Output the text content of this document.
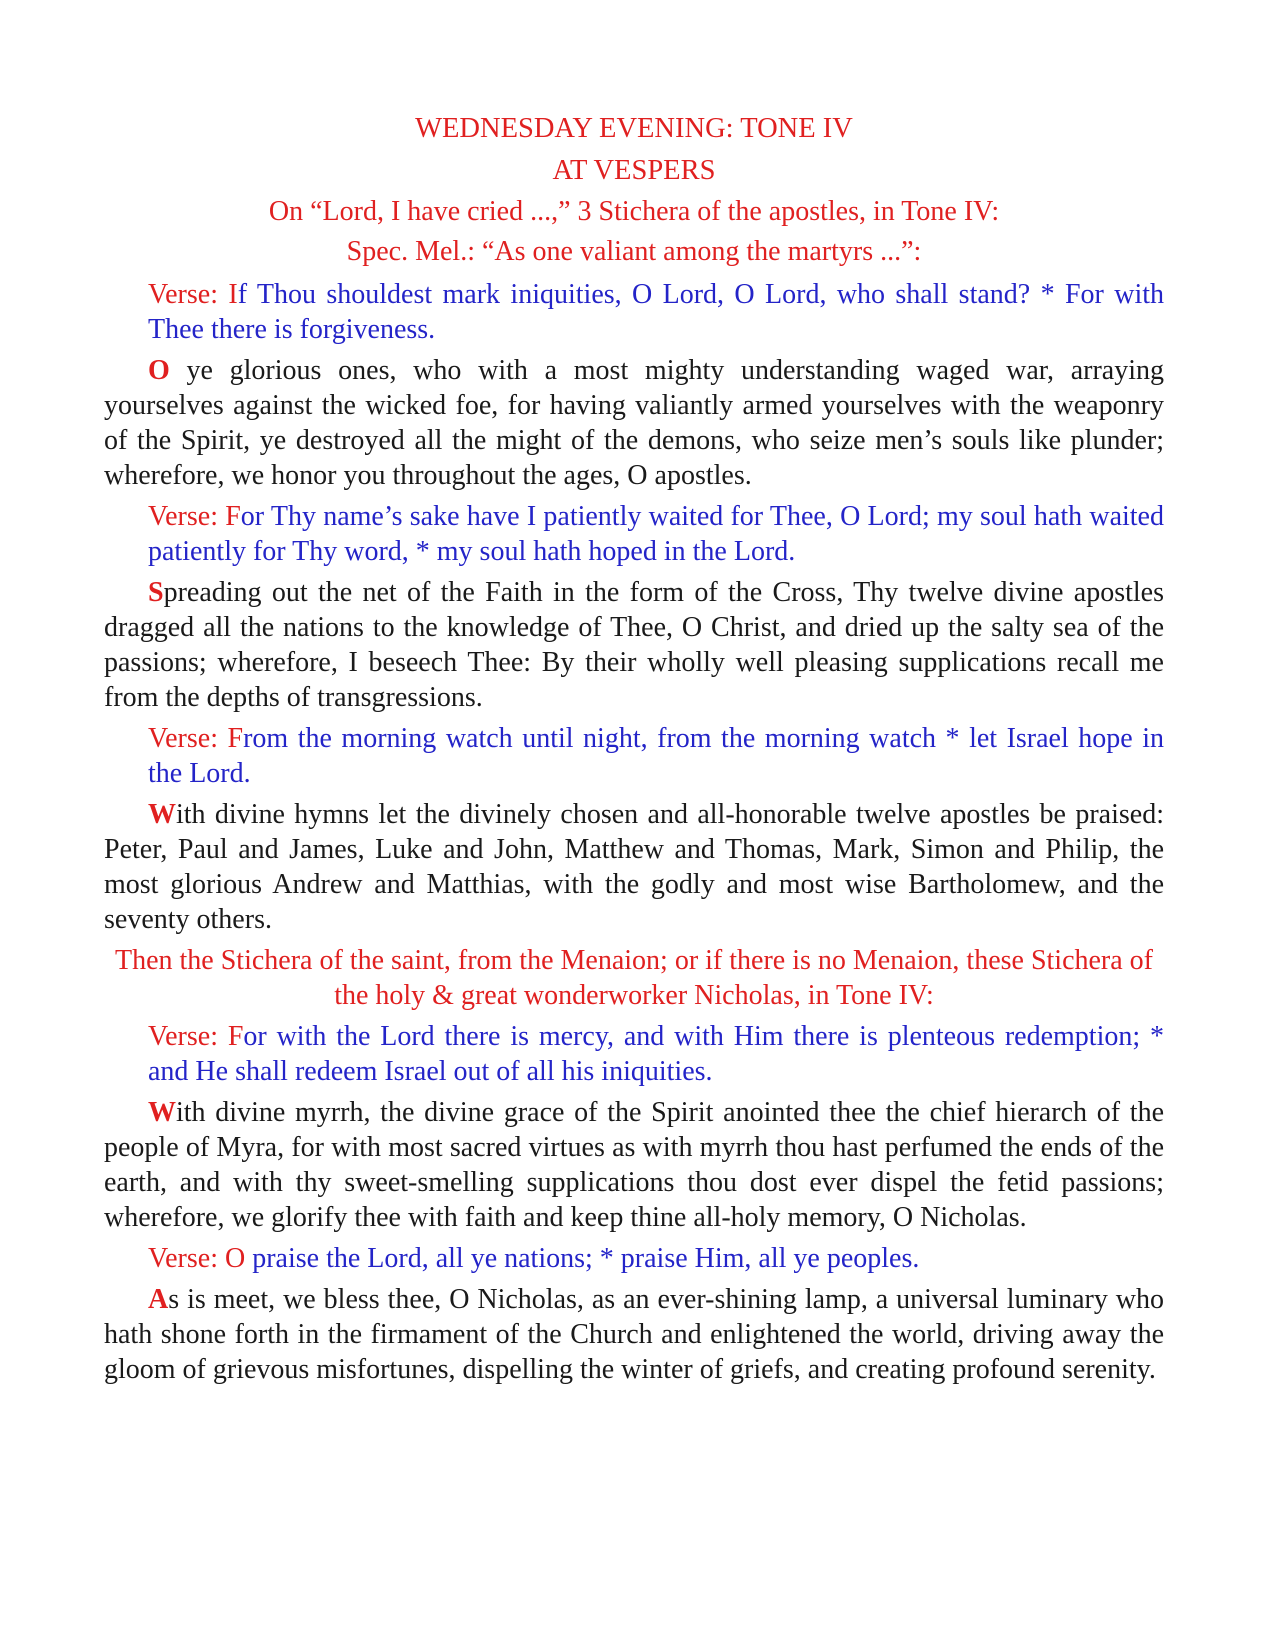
WEDNESDAY EVENING: TONE IV

AT VESPERS

On “Lord, I have cried ...,” 3 Stichera of the apostles, in Tone IV:

Spec. Mel.: “As one valiant among the martyrs ...”:

Verse: If Thou shouldest mark iniquities, O Lord, O Lord, who shall stand? * For with Thee there is forgiveness.

O ye glorious ones, who with a most mighty understanding waged war, arraying yourselves against the wicked foe, for having valiantly armed yourselves with the weaponry of the Spirit, ye destroyed all the might of the demons, who seize men’s souls like plunder; wherefore, we honor you throughout the ages, O apostles.

Verse: For Thy name’s sake have I patiently waited for Thee, O Lord; my soul hath waited patiently for Thy word, * my soul hath hoped in the Lord.

Spreading out the net of the Faith in the form of the Cross, Thy twelve divine apostles dragged all the nations to the knowledge of Thee, O Christ, and dried up the salty sea of the passions; wherefore, I beseech Thee: By their wholly well pleasing supplications recall me from the depths of transgressions.

Verse: From the morning watch until night, from the morning watch * let Israel hope in the Lord.

With divine hymns let the divinely chosen and all-honorable twelve apostles be praised: Peter, Paul and James, Luke and John, Matthew and Thomas, Mark, Simon and Philip, the most glorious Andrew and Matthias, with the godly and most wise Bartholomew, and the seventy others.

Then the Stichera of the saint, from the Menaion; or if there is no Menaion, these Stichera of the holy & great wonderworker Nicholas, in Tone IV:

Verse: For with the Lord there is mercy, and with Him there is plenteous redemption; * and He shall redeem Israel out of all his iniquities.

With divine myrrh, the divine grace of the Spirit anointed thee the chief hierarch of the people of Myra, for with most sacred virtues as with myrrh thou hast perfumed the ends of the earth, and with thy sweet-smelling supplications thou dost ever dispel the fetid passions; wherefore, we glorify thee with faith and keep thine all-holy memory, O Nicholas.

Verse: O praise the Lord, all ye nations; * praise Him, all ye peoples.

As is meet, we bless thee, O Nicholas, as an ever-shining lamp, a universal luminary who hath shone forth in the firmament of the Church and enlightened the world, driving away the gloom of grievous misfortunes, dispelling the winter of griefs, and creating profound serenity.
